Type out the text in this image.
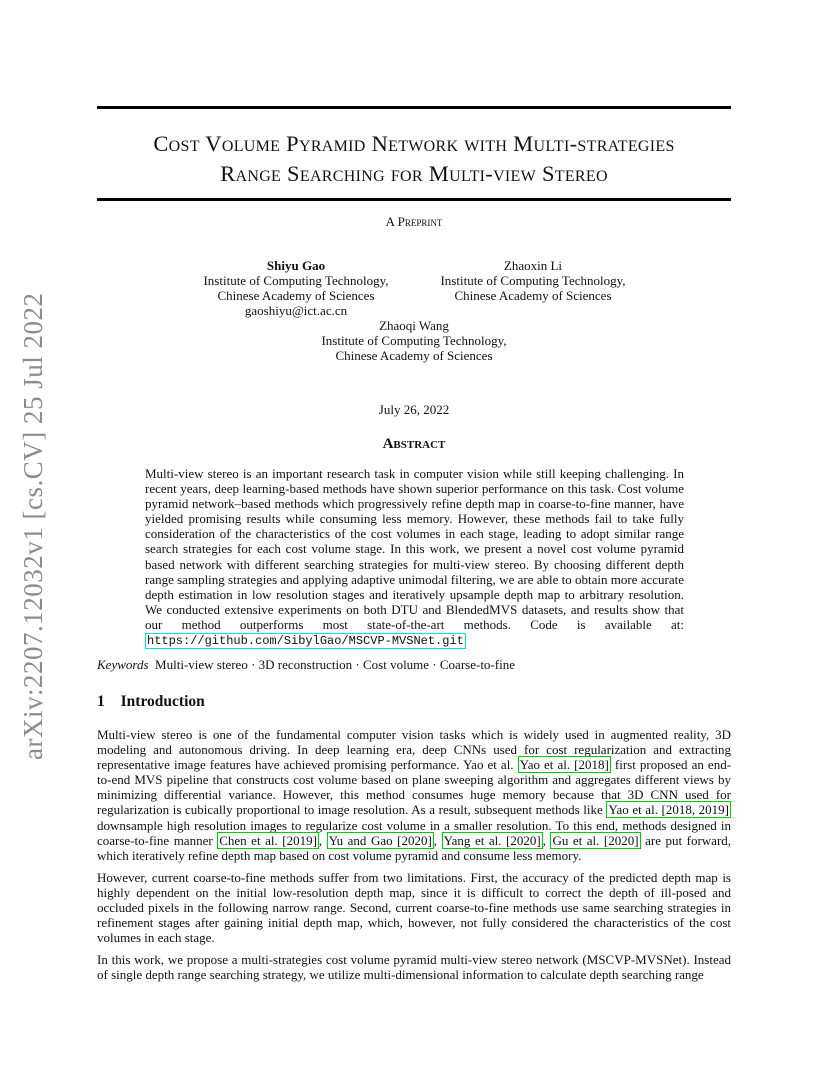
arXiv:2207.12032v1 [cs.CV] 25 Jul 2022
Cost Volume Pyramid Network with Multi-strategies
Range Searching for Multi-view Stereo
A Preprint
Shiyu Gao
Institute of Computing Technology,
Chinese Academy of Sciences
gaoshiyu@ict.ac.cn
Zhaoxin Li
Institute of Computing Technology,
Chinese Academy of Sciences
Zhaoqi Wang
Institute of Computing Technology,
Chinese Academy of Sciences
July 26, 2022
Abstract
Multi-view stereo is an important research task in computer vision while still keeping challenging. In recent years, deep learning-based methods have shown superior performance on this task. Cost volume pyramid network–based methods which progressively refine depth map in coarse-to-fine manner, have yielded promising results while consuming less memory. However, these methods fail to take fully consideration of the characteristics of the cost volumes in each stage, leading to adopt similar range search strategies for each cost volume stage. In this work, we present a novel cost volume pyramid based network with different searching strategies for multi-view stereo. By choosing different depth range sampling strategies and applying adaptive unimodal filtering, we are able to obtain more accurate depth estimation in low resolution stages and iteratively upsample depth map to arbitrary resolution. We conducted extensive experiments on both DTU and BlendedMVS datasets, and results show that our method outperforms most state-of-the-art methods. Code is available at: https://github.com/SibylGao/MSCVP-MVSNet.git
Keywords Multi-view stereo · 3D reconstruction · Cost volume · Coarse-to-fine
1 Introduction

Multi-view stereo is one of the fundamental computer vision tasks which is widely used in augmented reality, 3D modeling and autonomous driving. In deep learning era, deep CNNs used for cost regularization and extracting representative image features have achieved promising performance. Yao et al. Yao et al. [2018] first proposed an end-to-end MVS pipeline that constructs cost volume based on plane sweeping algorithm and aggregates different views by minimizing differential variance. However, this method consumes huge memory because that 3D CNN used for regularization is cubically proportional to image resolution. As a result, subsequent methods like Yao et al. [2018, 2019] downsample high resolution images to regularize cost volume in a smaller resolution. To this end, methods designed in coarse-to-fine manner Chen et al. [2019] , Yu and Gao [2020] , Yang et al. [2020] , Gu et al. [2020] are put forward, which iteratively refine depth map based on cost volume pyramid and consume less memory.

However, current coarse-to-fine methods suffer from two limitations. First, the accuracy of the predicted depth map is highly dependent on the initial low-resolution depth map, since it is difficult to correct the depth of ill-posed and occluded pixels in the following narrow range. Second, current coarse-to-fine methods use same searching strategies in refinement stages after gaining initial depth map, which, however, not fully considered the characteristics of the cost volumes in each stage.

In this work, we propose a multi-strategies cost volume pyramid multi-view stereo network (MSCVP-MVSNet). Instead of single depth range searching strategy, we utilize multi-dimensional information to calculate depth searching range
